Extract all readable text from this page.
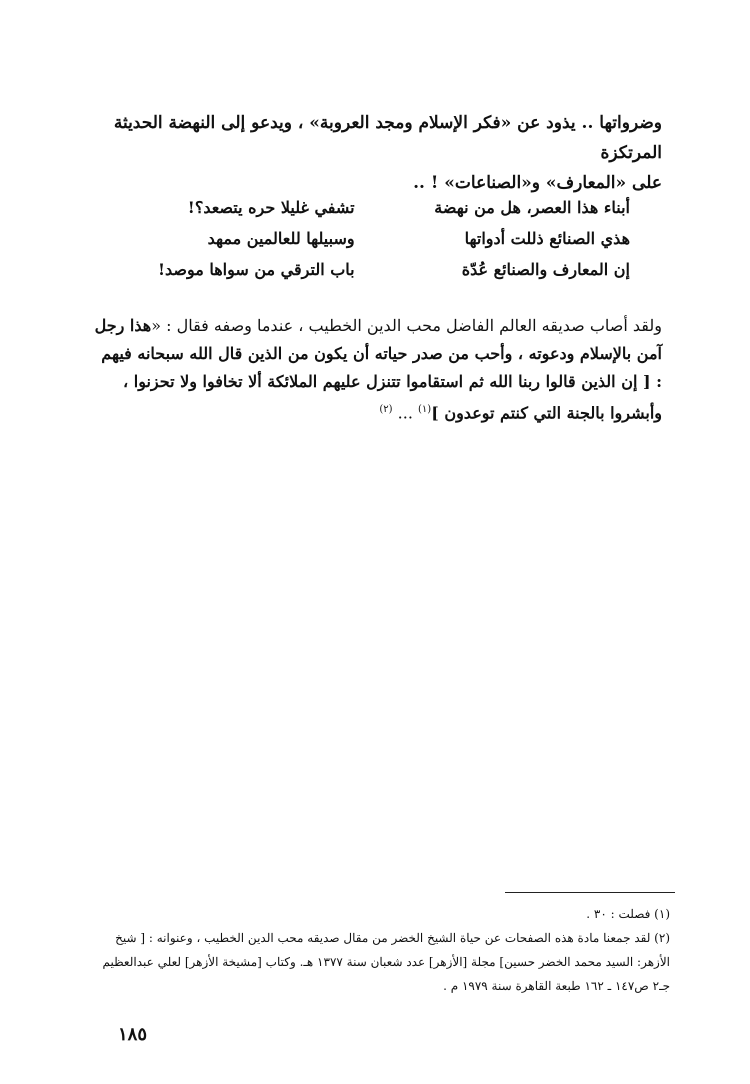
وضرواتها .. يذود عن «فكر الإسلام ومجد العروبة» ، ويدعو إلى النهضة الحديثة المرتكزة
على «المعارف» و«الصناعات» ! ..
أبناء هذا العصر، هل من نهضة
تشفي غليلا حره يتصعد؟!
هذي الصنائع ذللت أدواتها
وسبيلها للعالمين ممهد
إن المعارف والصنائع عُدّة
باب الترقي من سواها موصد!
ولقد أصاب صديقه العالم الفاضل محب الدين الخطيب ، عندما وصفه فقال : «هذا رجل آمن بالإسلام ودعوته ، وأحب من صدر حياته أن يكون من الذين قال الله سبحانه فيهم : [ إن الذين قالوا ربنا الله ثم استقاموا تتنزل عليهم الملائكة ألا تخافوا ولا تحزنوا ، وأبشروا بالجنة التي كنتم توعدون ]$^{(١)}$ ... $^{(٢)}$

(١) فصلت : ٣٠ .

(٢) لقد جمعنا مادة هذه الصفحات عن حياة الشيخ الخضر من مقال صديقه محب الدين الخطيب ، وعنوانه : [ شيخ الأزهر: السيد محمد الخضر حسين] مجلة [الأزهر] عدد شعبان سنة ١٣٧٧ هـ. وكتاب [مشيخة الأزهر] لعلي عبدالعظيم جـ٢ ص١٤٧ ـ ١٦٢ طبعة القاهرة سنة ١٩٧٩ م .

١٨٥
